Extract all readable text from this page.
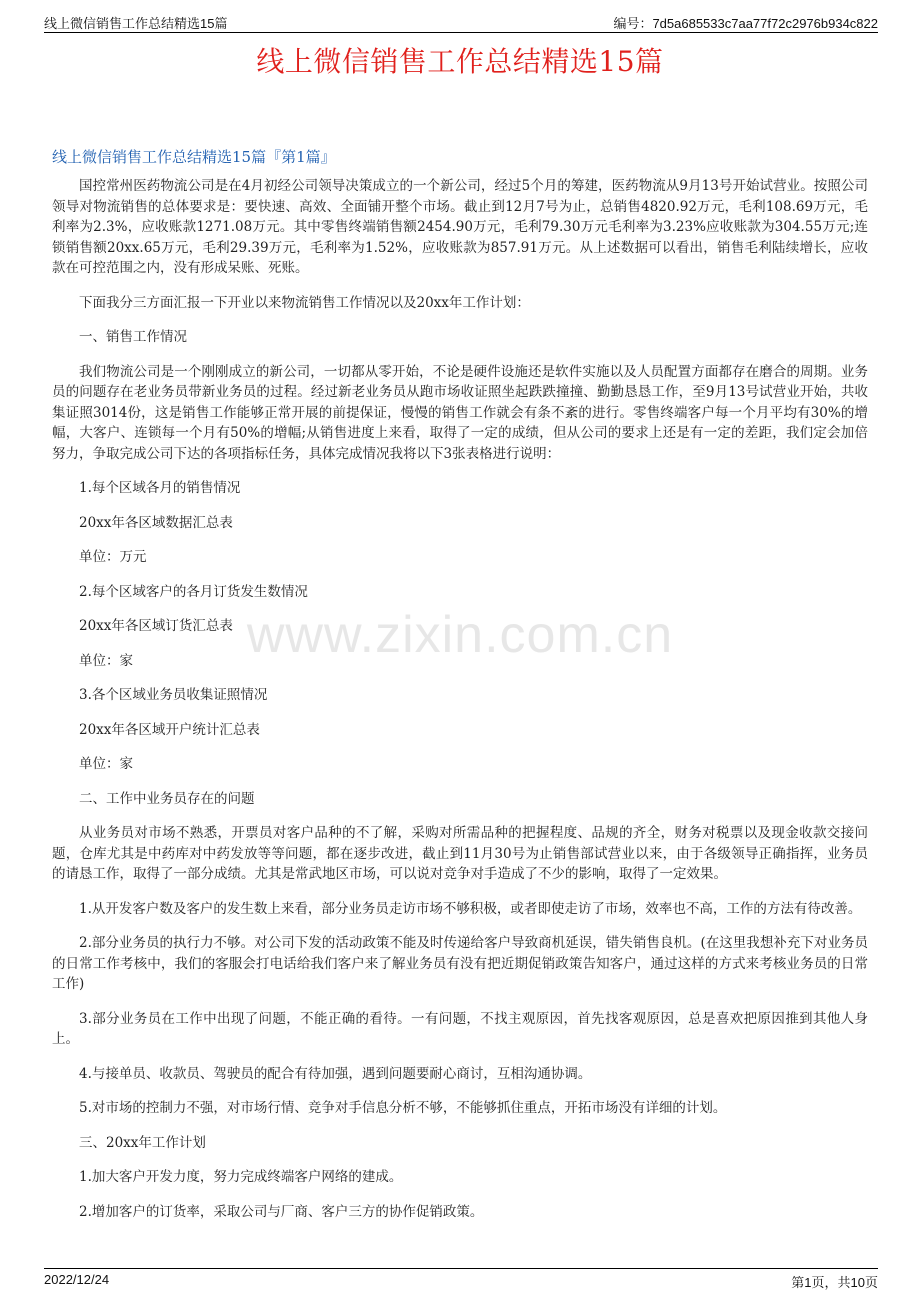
线上微信销售工作总结精选15篇	编号：7d5a685533c7aa77f72c2976b934c822
线上微信销售工作总结精选15篇
线上微信销售工作总结精选15篇『第1篇』
www.zixin.com.cn

国控常州医药物流公司是在4月初经公司领导决策成立的一个新公司，经过5个月的筹建，医药物流从9月13号开始试营业。按照公司领导对物流销售的总体要求是：要快速、高效、全面铺开整个市场。截止到12月7号为止，总销售4820.92万元，毛利108.69万元，毛利率为2.3%，应收账款1271.08万元。其中零售终端销售额2454.90万元，毛利79.30万元毛利率为3.23%应收账款为304.55万元;连锁销售额20xx.65万元，毛利29.39万元，毛利率为1.52%，应收账款为857.91万元。从上述数据可以看出，销售毛利陆续增长，应收款在可控范围之内，没有形成呆账、死账。

下面我分三方面汇报一下开业以来物流销售工作情况以及20xx年工作计划：

一、销售工作情况

我们物流公司是一个刚刚成立的新公司，一切都从零开始，不论是硬件设施还是软件实施以及人员配置方面都存在磨合的周期。业务员的问题存在老业务员带新业务员的过程。经过新老业务员从跑市场收证照坐起跌跌撞撞、勤勤恳恳工作，至9月13号试营业开始，共收集证照3014份，这是销售工作能够正常开展的前提保证，慢慢的销售工作就会有条不紊的进行。零售终端客户每一个月平均有30%的增幅，大客户、连锁每一个月有50%的增幅;从销售进度上来看，取得了一定的成绩，但从公司的要求上还是有一定的差距，我们定会加倍努力，争取完成公司下达的各项指标任务，具体完成情况我将以下3张表格进行说明：

1.每个区域各月的销售情况

20xx年各区域数据汇总表

单位：万元

2.每个区域客户的各月订货发生数情况

20xx年各区域订货汇总表

单位：家

3.各个区域业务员收集证照情况

20xx年各区域开户统计汇总表

单位：家

二、工作中业务员存在的问题

从业务员对市场不熟悉，开票员对客户品种的不了解，采购对所需品种的把握程度、品规的齐全，财务对税票以及现金收款交接问题，仓库尤其是中药库对中药发放等等问题，都在逐步改进，截止到11月30号为止销售部试营业以来，由于各级领导正确指挥，业务员的请恳工作，取得了一部分成绩。尤其是常武地区市场，可以说对竞争对手造成了不少的影响，取得了一定效果。

1.从开发客户数及客户的发生数上来看，部分业务员走访市场不够积极，或者即使走访了市场，效率也不高，工作的方法有待改善。

2.部分业务员的执行力不够。对公司下发的活动政策不能及时传递给客户导致商机延误，错失销售良机。(在这里我想补充下对业务员的日常工作考核中，我们的客服会打电话给我们客户来了解业务员有没有把近期促销政策告知客户，通过这样的方式来考核业务员的日常工作)

3.部分业务员在工作中出现了问题，不能正确的看待。一有问题，不找主观原因，首先找客观原因，总是喜欢把原因推到其他人身上。

4.与接单员、收款员、驾驶员的配合有待加强，遇到问题要耐心商讨，互相沟通协调。

5.对市场的控制力不强，对市场行情、竞争对手信息分析不够，不能够抓住重点，开拓市场没有详细的计划。

三、20xx年工作计划

1.加大客户开发力度，努力完成终端客户网络的建成。

2.增加客户的订货率，采取公司与厂商、客户三方的协作促销政策。

2022/12/24	第1页，共10页
